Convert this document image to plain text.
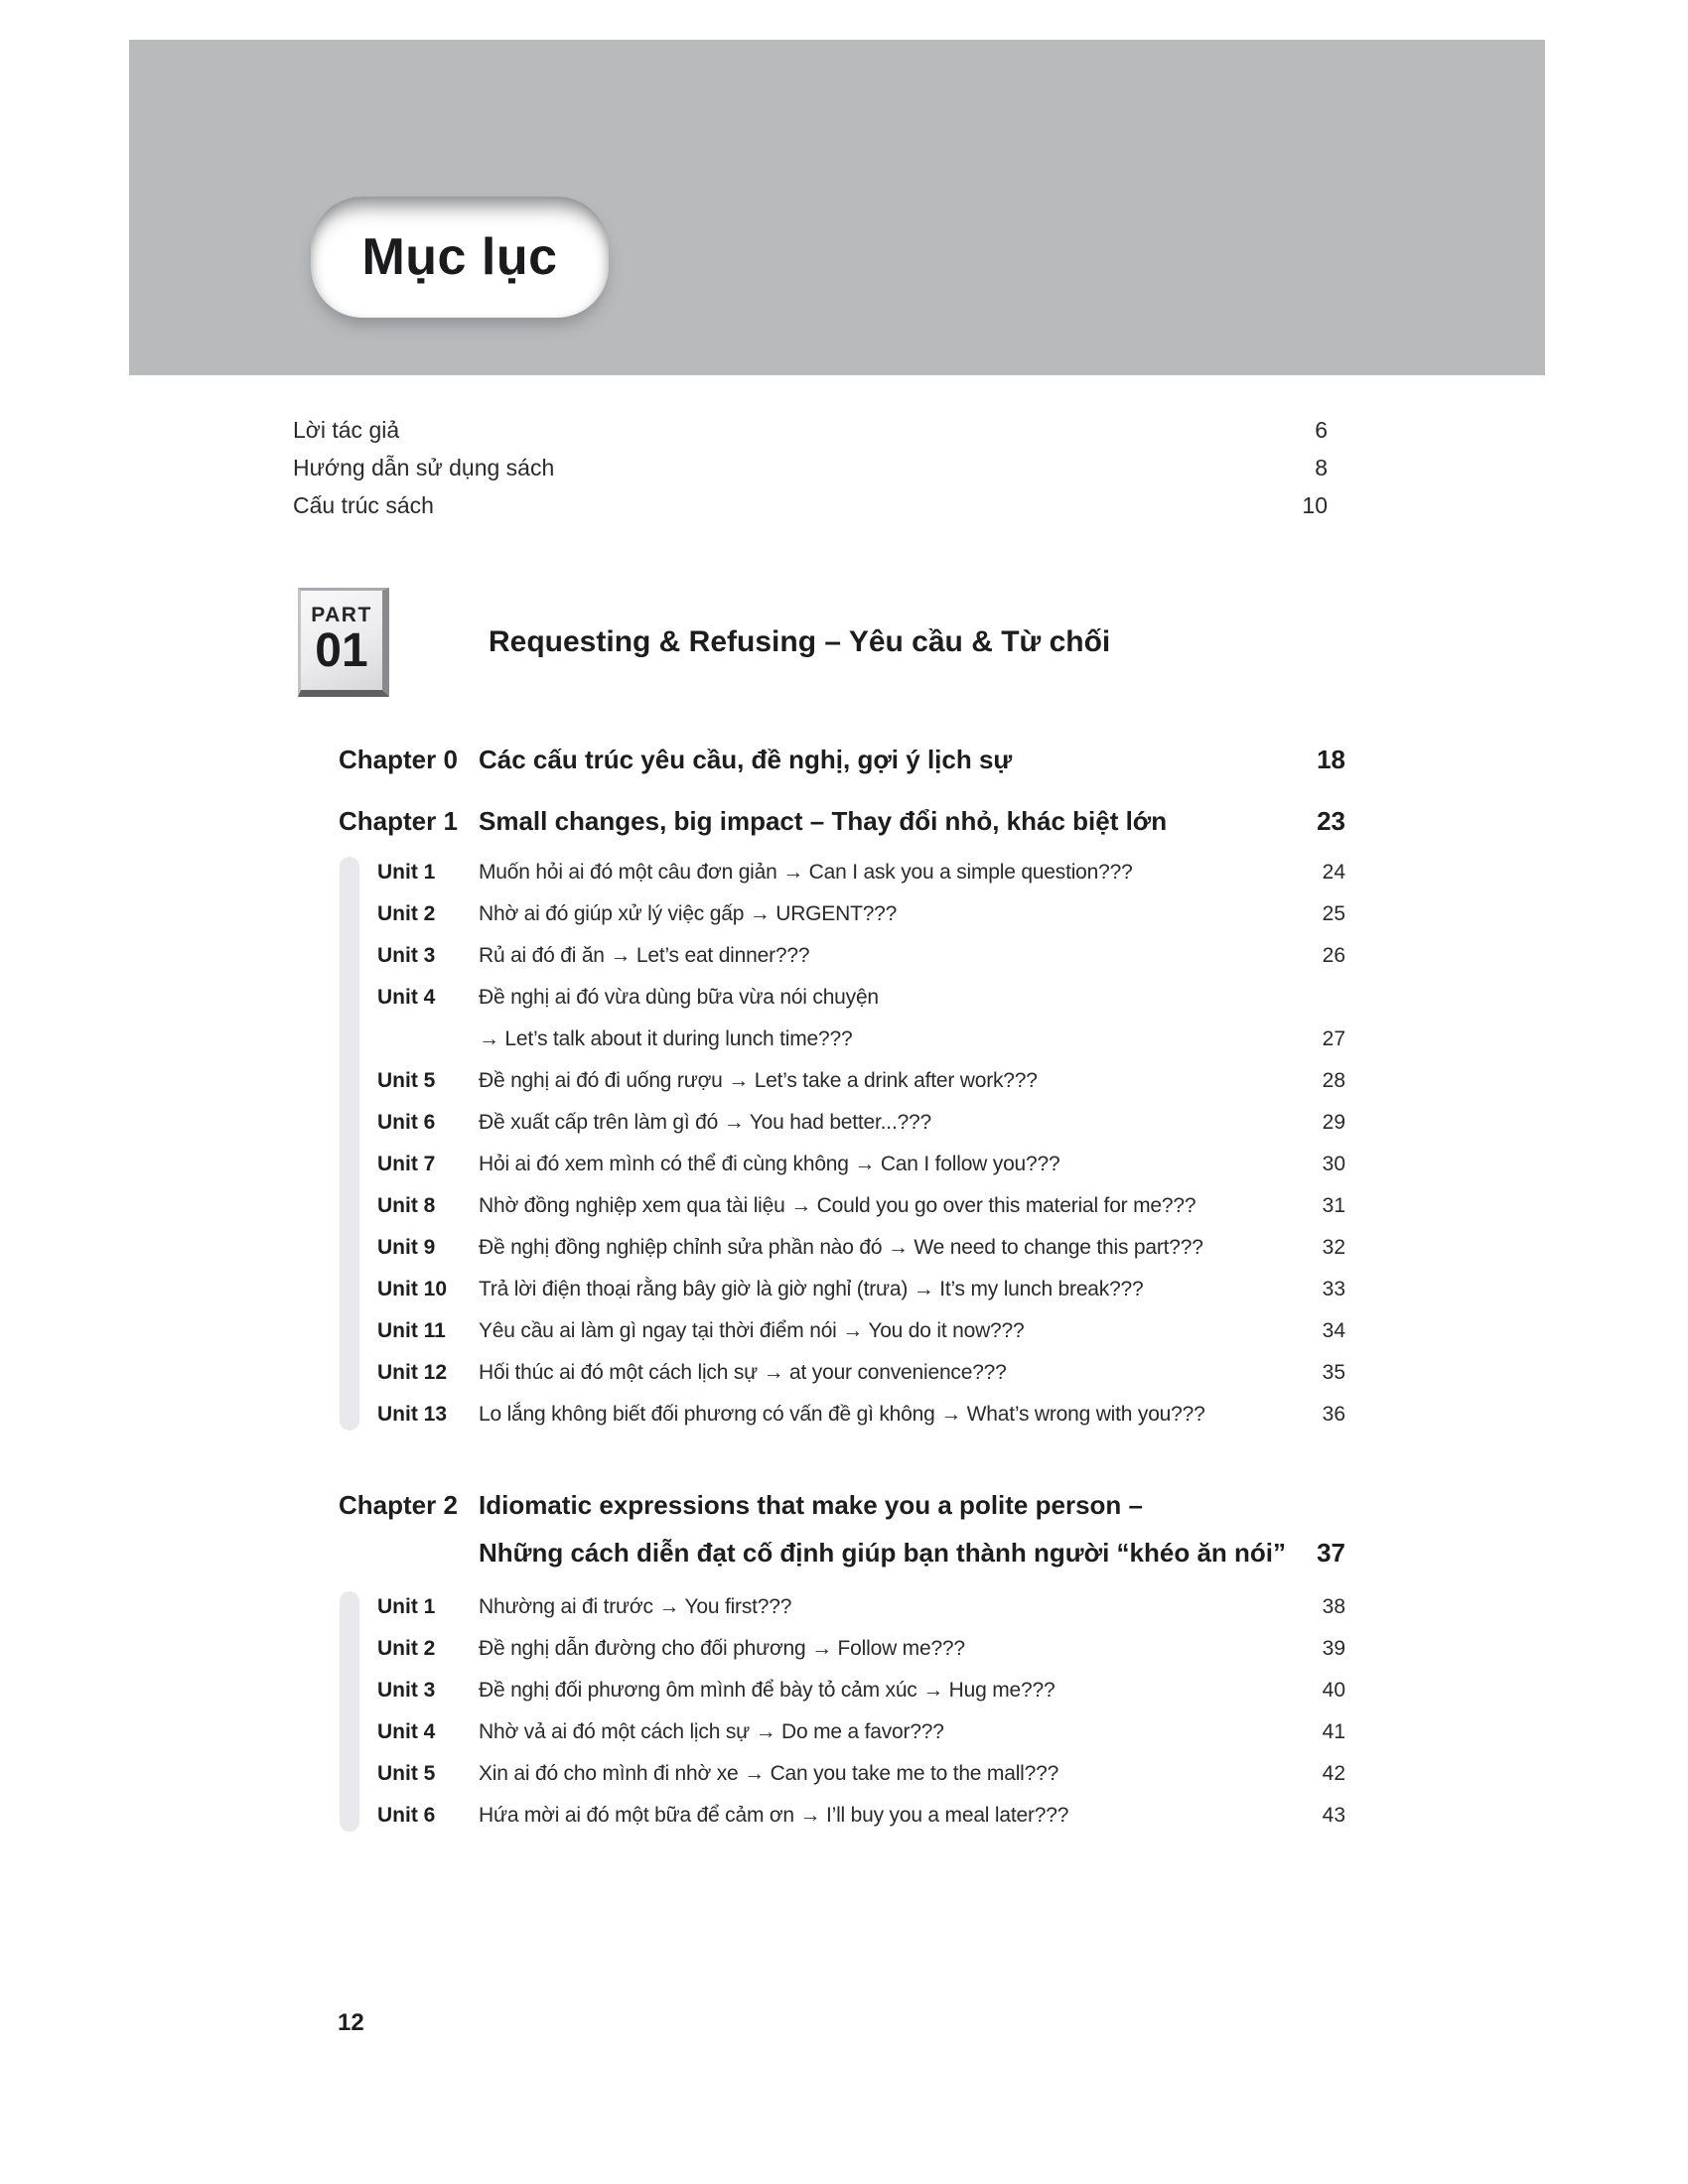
Mục lục
Lời tác giả	6
Hướng dẫn sử dụng sách	8
Cấu trúc sách	10
PART
01	Requesting & Refusing – Yêu cầu & Từ chối
Chapter 0 Các cấu trúc yêu cầu, đề nghị, gợi ý lịch sự	18
Chapter 1 Small changes, big impact – Thay đổi nhỏ, khác biệt lớn	23
Unit 1	Muốn hỏi ai đó một câu đơn giản → Can I ask you a simple question???	24
Unit 2	Nhờ ai đó giúp xử lý việc gấp → URGENT???	25
Unit 3	Rủ ai đó đi ăn → Let’s eat dinner???	26
Unit 4	Đề nghị ai đó vừa dùng bữa vừa nói chuyện
→ Let’s talk about it during lunch time???	27
Unit 5	Đề nghị ai đó đi uống rượu → Let’s take a drink after work???	28
Unit 6	Đề xuất cấp trên làm gì đó → You had better...???	29
Unit 7	Hỏi ai đó xem mình có thể đi cùng không → Can I follow you???	30
Unit 8	Nhờ đồng nghiệp xem qua tài liệu → Could you go over this material for me???	31
Unit 9	Đề nghị đồng nghiệp chỉnh sửa phần nào đó → We need to change this part???	32
Unit 10	Trả lời điện thoại rằng bây giờ là giờ nghỉ (trưa) → It’s my lunch break???	33
Unit 11	Yêu cầu ai làm gì ngay tại thời điểm nói → You do it now???	34
Unit 12	Hối thúc ai đó một cách lịch sự → at your convenience???	35
Unit 13	Lo lắng không biết đối phương có vấn đề gì không → What’s wrong with you???	36
Chapter 2 Idiomatic expressions that make you a polite person –
Những cách diễn đạt cố định giúp bạn thành người “khéo ăn nói”	37
Unit 1	Nhường ai đi trước → You first???	38
Unit 2	Đề nghị dẫn đường cho đối phương → Follow me???	39
Unit 3	Đề nghị đối phương ôm mình để bày tỏ cảm xúc → Hug me???	40
Unit 4	Nhờ vả ai đó một cách lịch sự → Do me a favor???	41
Unit 5	Xin ai đó cho mình đi nhờ xe → Can you take me to the mall???	42
Unit 6	Hứa mời ai đó một bữa để cảm ơn → I’ll buy you a meal later???	43
12
